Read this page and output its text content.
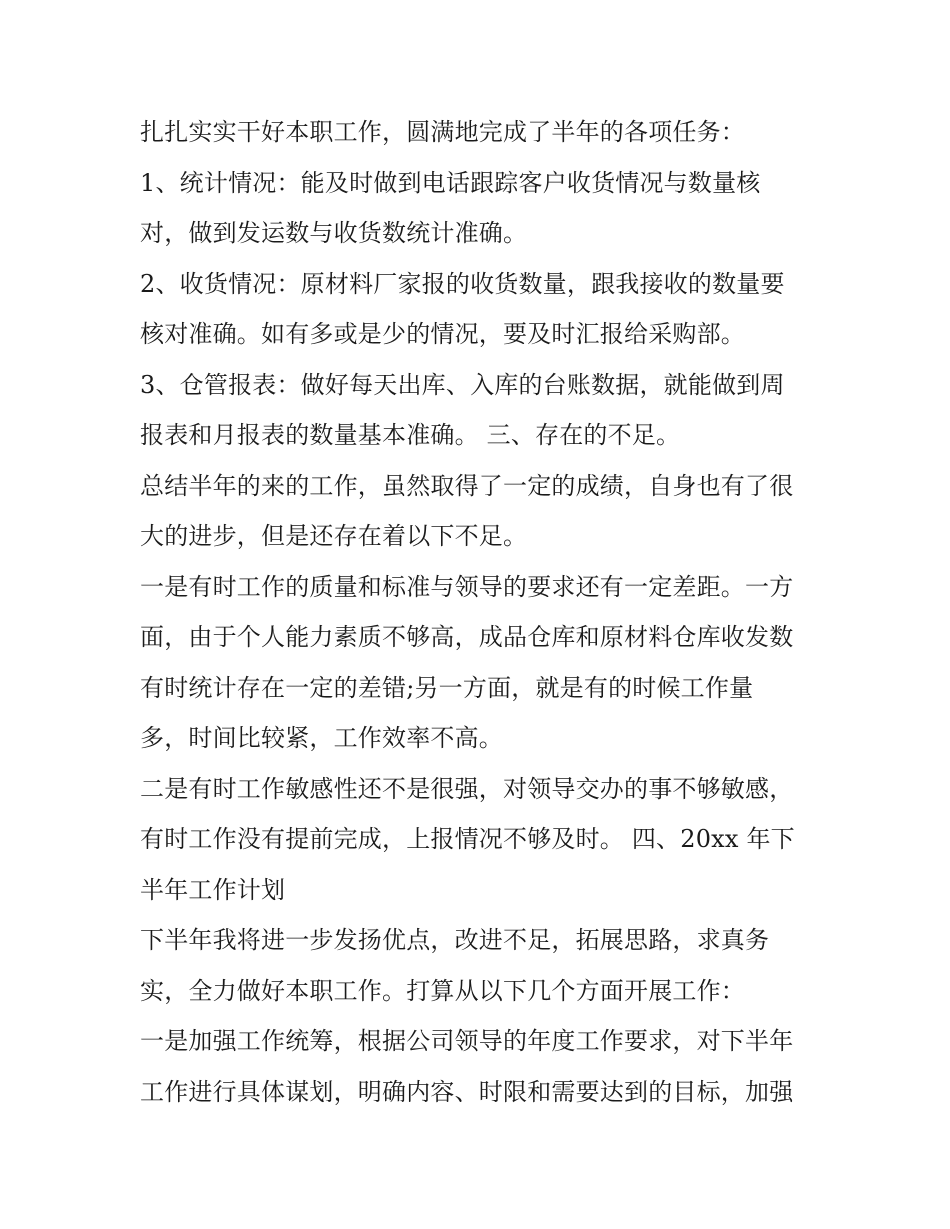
扎扎实实干好本职工作，圆满地完成了半年的各项任务：
1、统计情况：能及时做到电话跟踪客户收货情况与数量核
对，做到发运数与收货数统计准确。
2、收货情况：原材料厂家报的收货数量，跟我接收的数量要
核对准确。如有多或是少的情况，要及时汇报给采购部。
3、仓管报表：做好每天出库、入库的台账数据，就能做到周
报表和月报表的数量基本准确。 三、存在的不足。
总结半年的来的工作，虽然取得了一定的成绩，自身也有了很
大的进步，但是还存在着以下不足。
一是有时工作的质量和标准与领导的要求还有一定差距。一方
面，由于个人能力素质不够高，成品仓库和原材料仓库收发数
有时统计存在一定的差错;另一方面，就是有的时候工作量
多，时间比较紧，工作效率不高。
二是有时工作敏感性还不是很强，对领导交办的事不够敏感，
有时工作没有提前完成，上报情况不够及时。 四、20xx 年下
半年工作计划
下半年我将进一步发扬优点，改进不足，拓展思路，求真务
实，全力做好本职工作。打算从以下几个方面开展工作：
一是加强工作统筹，根据公司领导的年度工作要求，对下半年
工作进行具体谋划，明确内容、时限和需要达到的目标，加强
